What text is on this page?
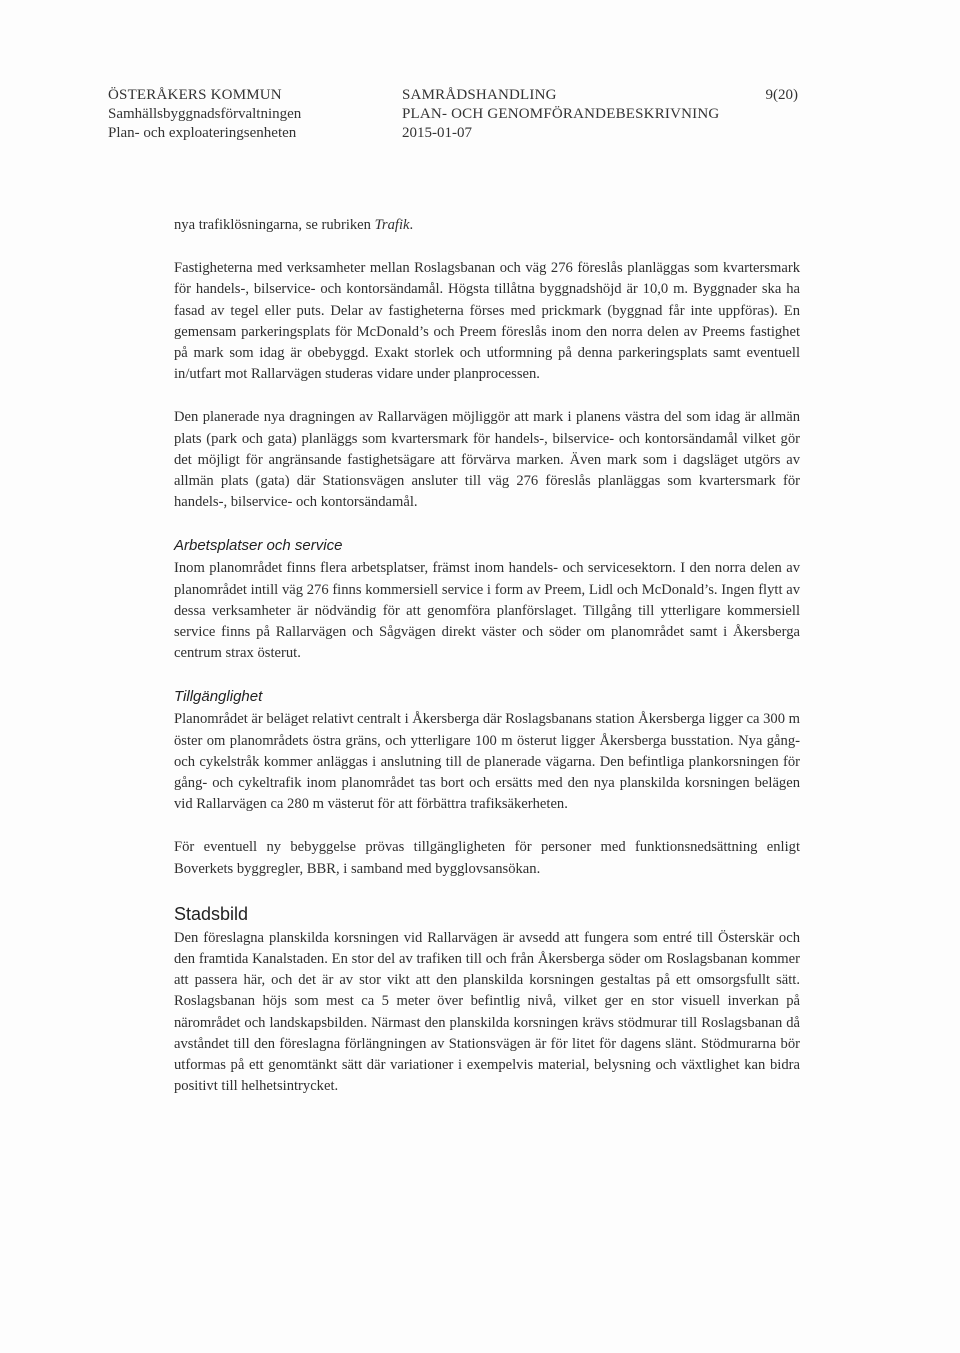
ÖSTERÅKERS KOMMUN
Samhällsbyggnadsförvaltningen
Plan- och exploateringsenheten
SAMRÅDSHANDLING
PLAN- OCH GENOMFÖRANDEBESKRIVNING
2015-01-07
9(20)

nya trafiklösningarna, se rubriken Trafik.

Fastigheterna med verksamheter mellan Roslagsbanan och väg 276 föreslås planläggas som kvartersmark för handels-, bilservice- och kontorsändamål. Högsta tillåtna byggnadshöjd är 10,0 m. Byggnader ska ha fasad av tegel eller puts. Delar av fastigheterna förses med prickmark (byggnad får inte uppföras). En gemensam parkeringsplats för McDonald’s och Preem föreslås inom den norra delen av Preems fastighet på mark som idag är obebyggd. Exakt storlek och utformning på denna parkeringsplats samt eventuell in/utfart mot Rallarvägen studeras vidare under planprocessen.

Den planerade nya dragningen av Rallarvägen möjliggör att mark i planens västra del som idag är allmän plats (park och gata) planläggs som kvartersmark för handels-, bilservice- och kontorsändamål vilket gör det möjligt för angränsande fastighetsägare att förvärva marken. Även mark som i dagsläget utgörs av allmän plats (gata) där Stationsvägen ansluter till väg 276 föreslås planläggas som kvartersmark för handels-, bilservice- och kontorsändamål.

Arbetsplatser och service

Inom planområdet finns flera arbetsplatser, främst inom handels- och servicesektorn. I den norra delen av planområdet intill väg 276 finns kommersiell service i form av Preem, Lidl och McDonald’s. Ingen flytt av dessa verksamheter är nödvändig för att genomföra planförslaget. Tillgång till ytterligare kommersiell service finns på Rallarvägen och Sågvägen direkt väster och söder om planområdet samt i Åkersberga centrum strax österut.

Tillgänglighet

Planområdet är beläget relativt centralt i Åkersberga där Roslagsbanans station Åkersberga ligger ca 300 m öster om planområdets östra gräns, och ytterligare 100 m österut ligger Åkersberga busstation. Nya gång- och cykelstråk kommer anläggas i anslutning till de planerade vägarna. Den befintliga plankorsningen för gång- och cykeltrafik inom planområdet tas bort och ersätts med den nya planskilda korsningen belägen vid Rallarvägen ca 280 m västerut för att förbättra trafiksäkerheten.

För eventuell ny bebyggelse prövas tillgängligheten för personer med funktionsnedsättning enligt Boverkets byggregler, BBR, i samband med bygglovsansökan.

Stadsbild

Den föreslagna planskilda korsningen vid Rallarvägen är avsedd att fungera som entré till Österskär och den framtida Kanalstaden. En stor del av trafiken till och från Åkersberga söder om Roslagsbanan kommer att passera här, och det är av stor vikt att den planskilda korsningen gestaltas på ett omsorgsfullt sätt. Roslagsbanan höjs som mest ca 5 meter över befintlig nivå, vilket ger en stor visuell inverkan på närområdet och landskapsbilden. Närmast den planskilda korsningen krävs stödmurar till Roslagsbanan då avståndet till den föreslagna förlängningen av Stationsvägen är för litet för dagens slänt. Stödmurarna bör utformas på ett genomtänkt sätt där variationer i exempelvis material, belysning och växtlighet kan bidra positivt till helhetsintrycket.
